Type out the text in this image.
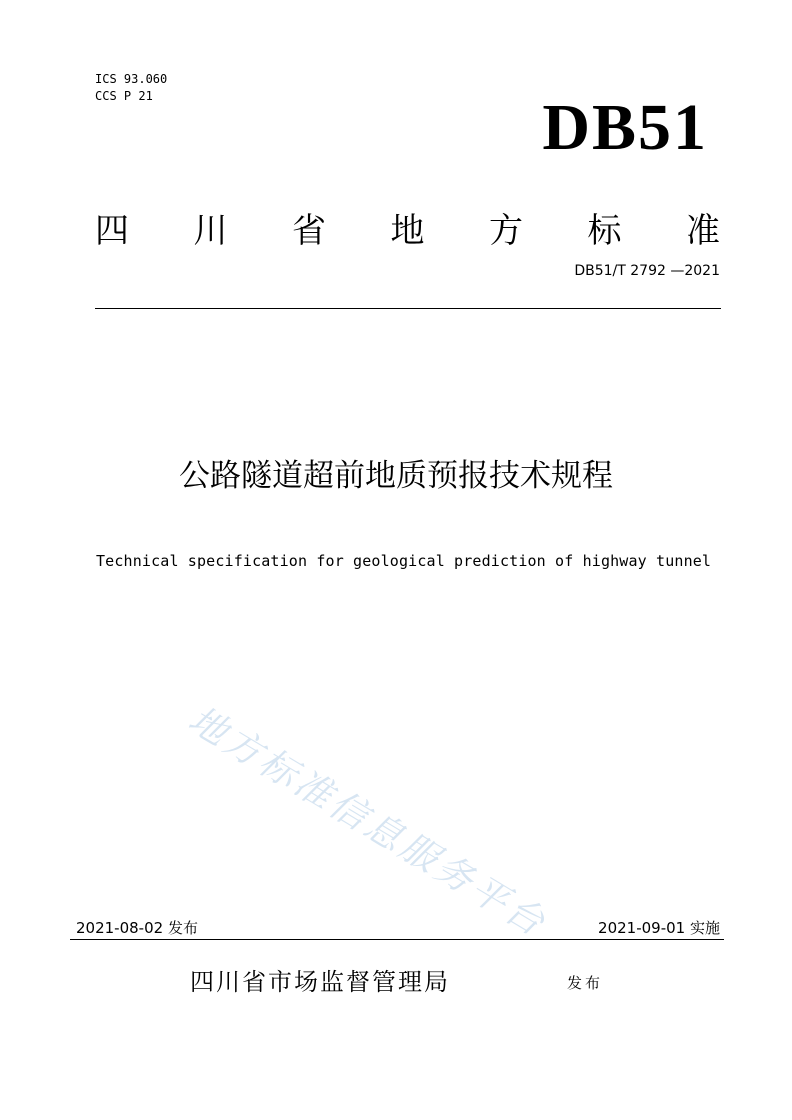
ICS 93.060
CCS P 21	DB51
四 川 省 地 方 标 准
DB51/T 2792 —2021
公路隧道超前地质预报技术规程
Technical specification for geological prediction of highway tunnel
地方标准信息服务平台
2021-08-02 发布	2021-09-01 实施
四川省市场监督管理局	发布
